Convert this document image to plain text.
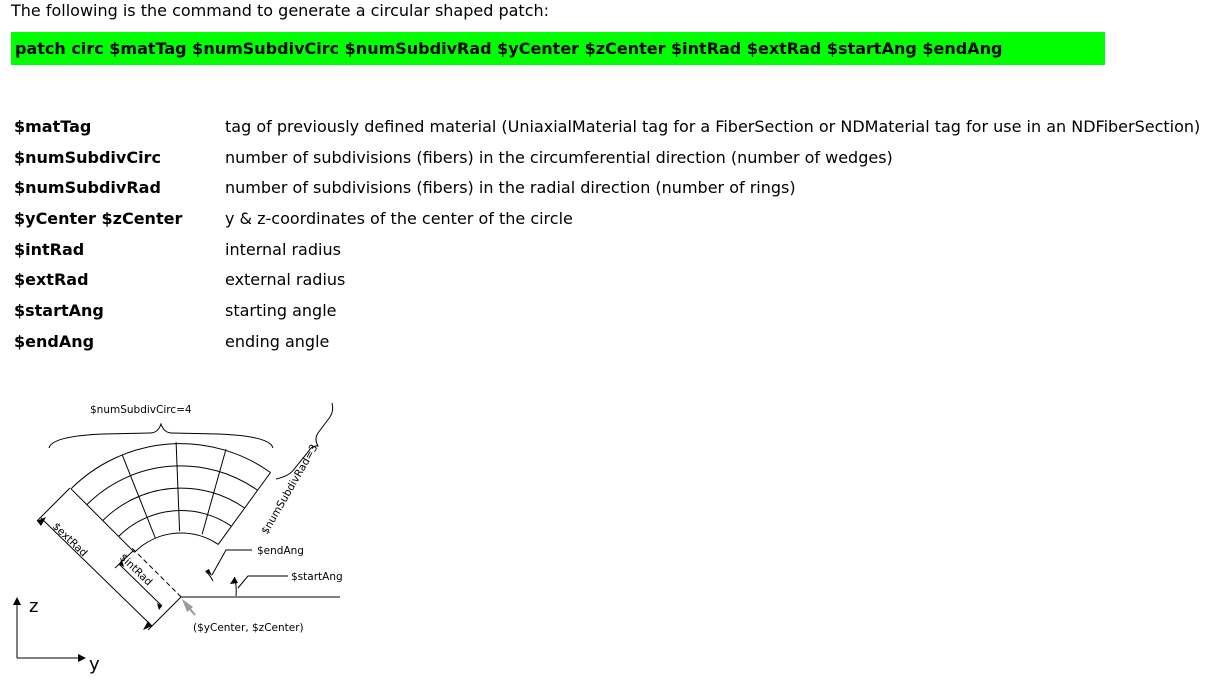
The following is the command to generate a circular shaped patch:
patch circ $matTag $numSubdivCirc $numSubdivRad $yCenter $zCenter $intRad $extRad $startAng $endAng
$matTag	tag of previously defined material (UniaxialMaterial tag for a FiberSection or NDMaterial tag for use in an NDFiberSection)
$numSubdivCirc	number of subdivisions (fibers) in the circumferential direction (number of wedges)
$numSubdivRad	number of subdivisions (fibers) in the radial direction (number of rings)
$yCenter $zCenter	y & z-coordinates of the center of the circle
$intRad	internal radius
$extRad	external radius
$startAng	starting angle
$endAng	ending angle
$numSubdivCirc=4
$numSubdivRad=3
$extRad
$intRad
$endAng
$startAng
($yCenter, $zCenter)
z
y
